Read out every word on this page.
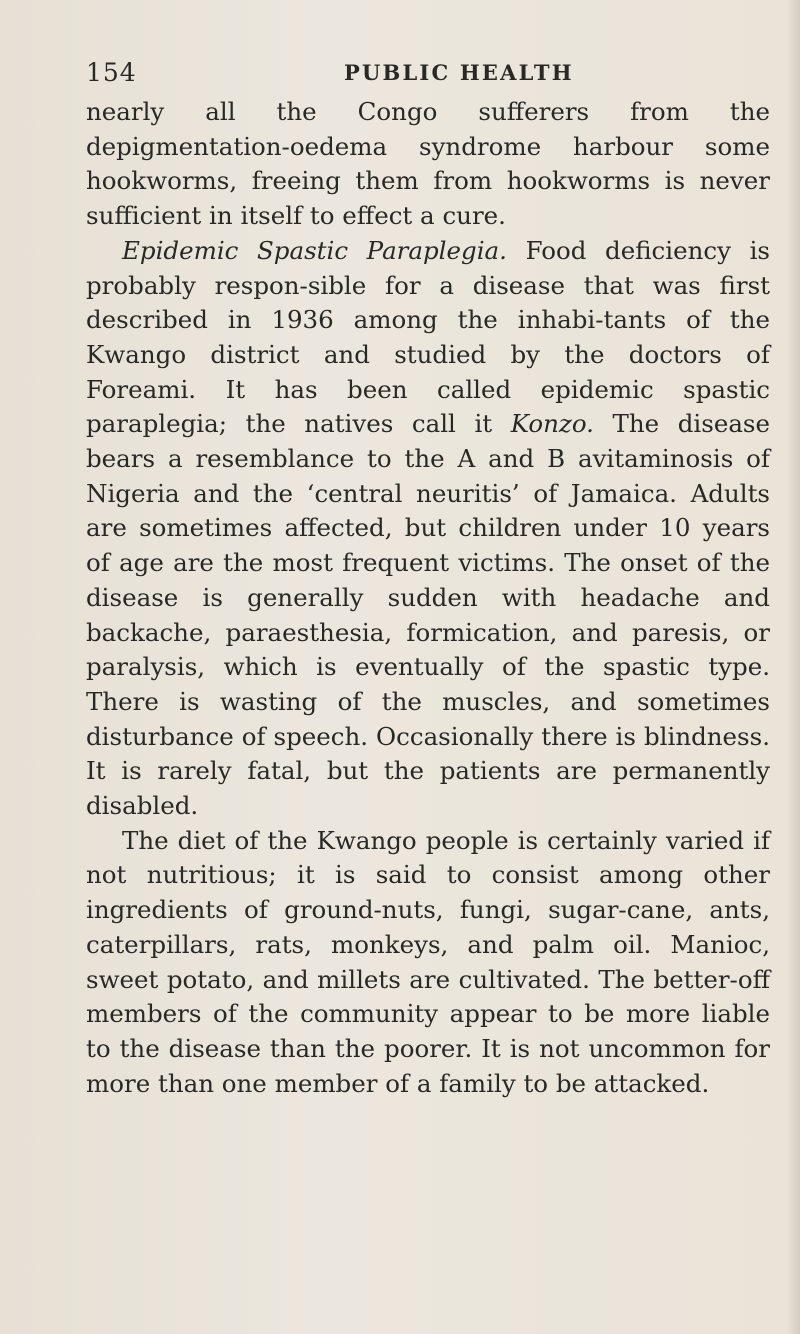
154	PUBLIC HEALTH

nearly all the Congo sufferers from the depigmentation-oedema syndrome harbour some hookworms, freeing them from hookworms is never sufficient in itself to effect a cure.

Epidemic Spastic Paraplegia. Food deficiency is probably respon-sible for a disease that was first described in 1936 among the inhabi-tants of the Kwango district and studied by the doctors of Foreami. It has been called epidemic spastic paraplegia; the natives call it Konzo. The disease bears a resemblance to the A and B avitaminosis of Nigeria and the ‘central neuritis’ of Jamaica. Adults are sometimes affected, but children under 10 years of age are the most frequent victims. The onset of the disease is generally sudden with headache and backache, paraesthesia, formication, and paresis, or paralysis, which is eventually of the spastic type. There is wasting of the muscles, and sometimes disturbance of speech. Occasionally there is blindness. It is rarely fatal, but the patients are permanently disabled.

The diet of the Kwango people is certainly varied if not nutritious; it is said to consist among other ingredients of ground-nuts, fungi, sugar-cane, ants, caterpillars, rats, monkeys, and palm oil. Manioc, sweet potato, and millets are cultivated. The better-off members of the community appear to be more liable to the disease than the poorer. It is not uncommon for more than one member of a family to be attacked.
